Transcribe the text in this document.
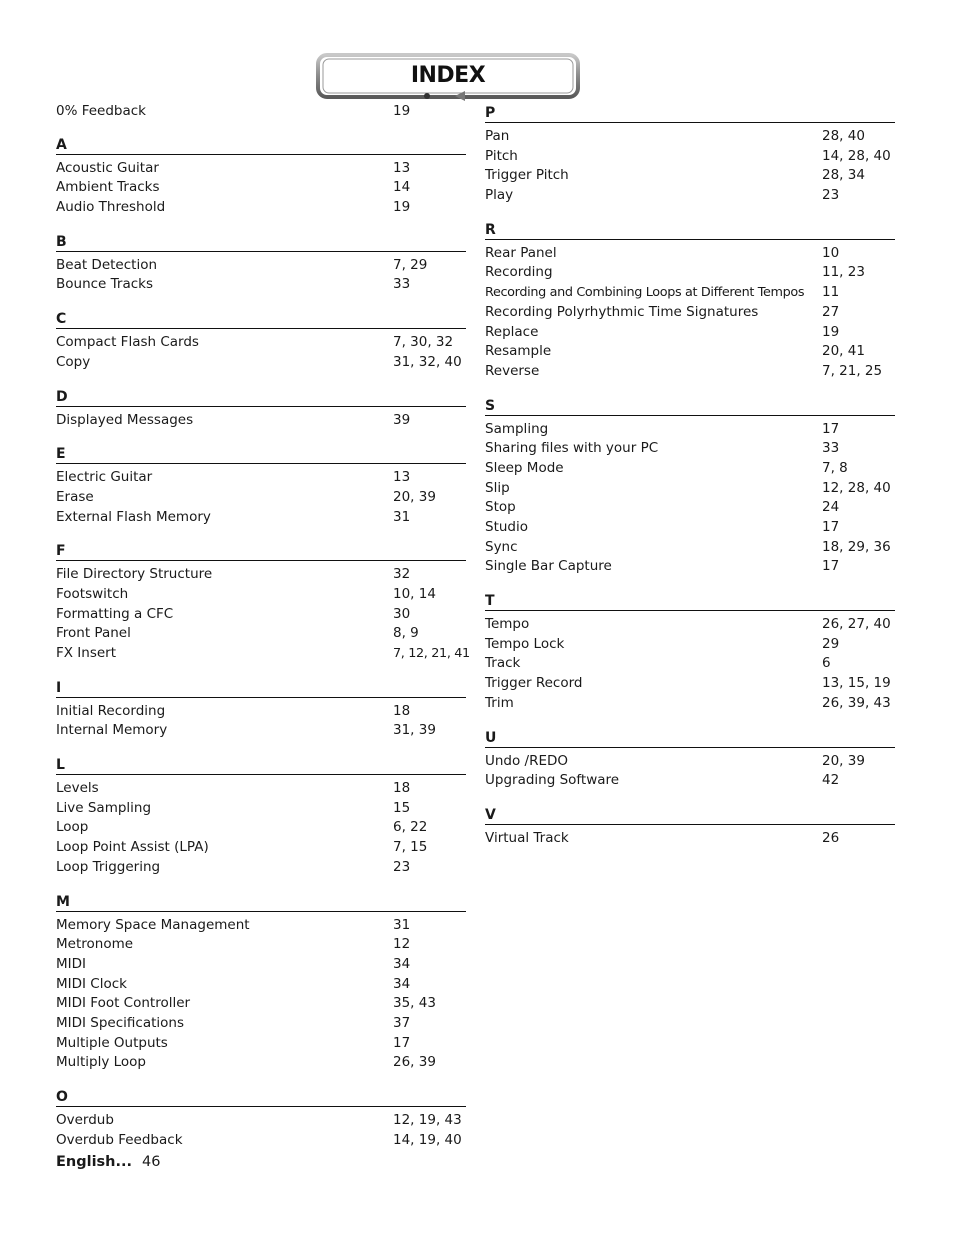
INDEX
0% Feedback	19
A
Acoustic Guitar	13
Ambient Tracks	14
Audio Threshold	19
B
Beat Detection	7, 29
Bounce Tracks	33
C
Compact Flash Cards	7, 30, 32
Copy	31, 32, 40
D
Displayed Messages	39
E
Electric Guitar	13
Erase	20, 39
External Flash Memory	31
F
File Directory Structure	32
Footswitch	10, 14
Formatting a CFC	30
Front Panel	8, 9
FX Insert	7, 12, 21, 41
I
Initial Recording	18
Internal Memory	31, 39
L
Levels	18
Live Sampling	15
Loop	6, 22
Loop Point Assist (LPA)	7, 15
Loop Triggering	23
M
Memory Space Management	31
Metronome	12
MIDI	34
MIDI Clock	34
MIDI Foot Controller	35, 43
MIDI Specifications	37
Multiple Outputs	17
Multiply Loop	26, 39
O
Overdub	12, 19, 43
Overdub Feedback	14, 19, 40
P
Pan	28, 40
Pitch	14, 28, 40
Trigger Pitch	28, 34
Play	23
R
Rear Panel	10
Recording	11, 23
Recording and Combining Loops at Different Tempos 11
Recording Polyrhythmic Time Signatures	27
Replace	19
Resample	20, 41
Reverse	7, 21, 25
S
Sampling	17
Sharing files with your PC	33
Sleep Mode	7, 8
Slip	12, 28, 40
Stop	24
Studio	17
Sync	18, 29, 36
Single Bar Capture	17
T
Tempo	26, 27, 40
Tempo Lock	29
Track	6
Trigger Record	13, 15, 19
Trim	26, 39, 43
U
Undo /REDO	20, 39
Upgrading Software	42
V
Virtual Track	26
English... 46
